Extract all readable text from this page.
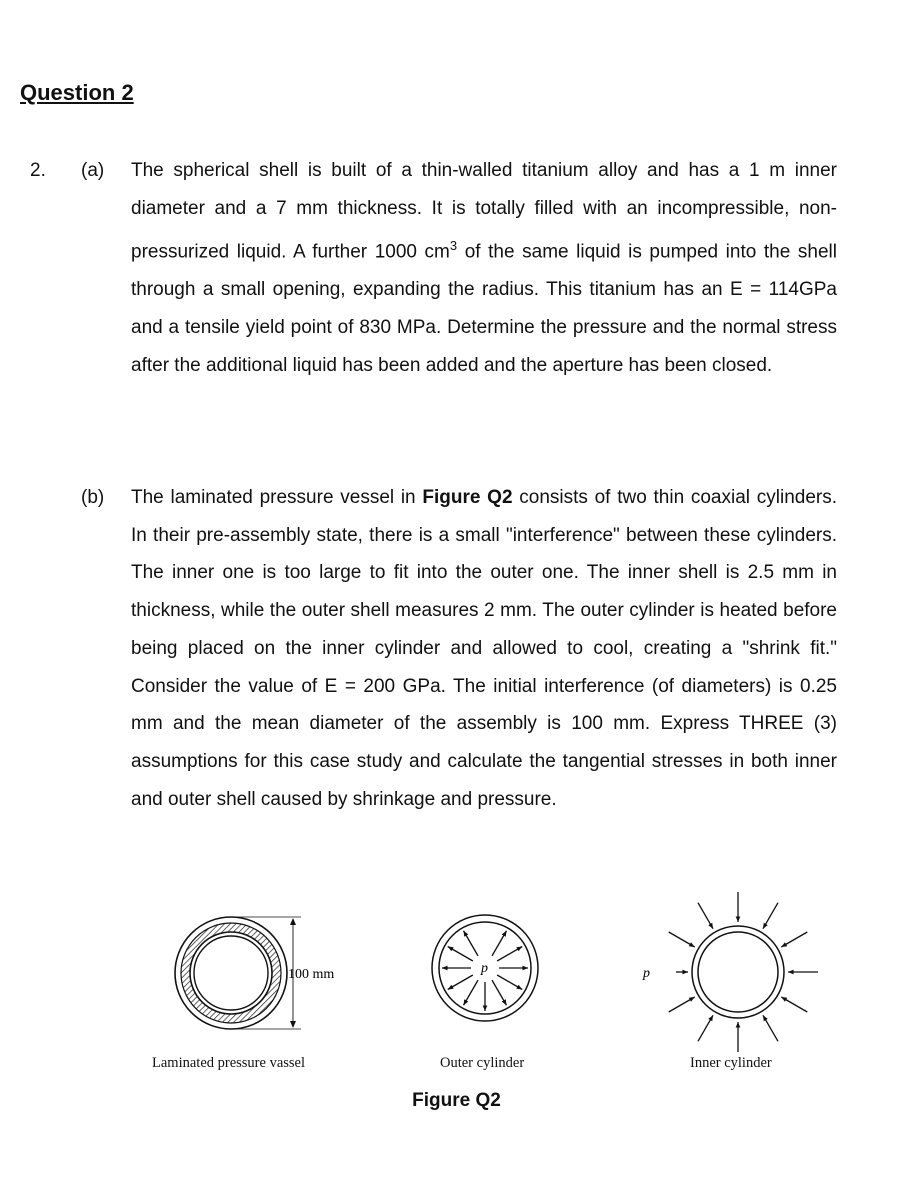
Question 2
2. (a) The spherical shell is built of a thin-walled titanium alloy and has a 1 m inner diameter and a 7 mm thickness. It is totally filled with an incompressible, non-pressurized liquid. A further 1000 $cm^3$ of the same liquid is pumped into the shell through a small opening, expanding the radius. This titanium has an E = 114GPa and a tensile yield point of 830 MPa. Determine the pressure and the normal stress after the additional liquid has been added and the aperture has been closed.
(b) The laminated pressure vessel in Figure Q2 consists of two thin coaxial cylinders. In their pre-assembly state, there is a small "interference" between these cylinders. The inner one is too large to fit into the outer one. The inner shell is 2.5 mm in thickness, while the outer shell measures 2 mm. The outer cylinder is heated before being placed on the inner cylinder and allowed to cool, creating a "shrink fit." Consider the value of E = 200 GPa. The initial interference (of diameters) is 0.25 mm and the mean diameter of the assembly is 100 mm. Express THREE (3) assumptions for this case study and calculate the tangential stresses in both inner and outer shell caused by shrinkage and pressure.
100 mm	p	p
Laminated pressure vassel	Outer cylinder	Inner cylinder
Figure Q2
